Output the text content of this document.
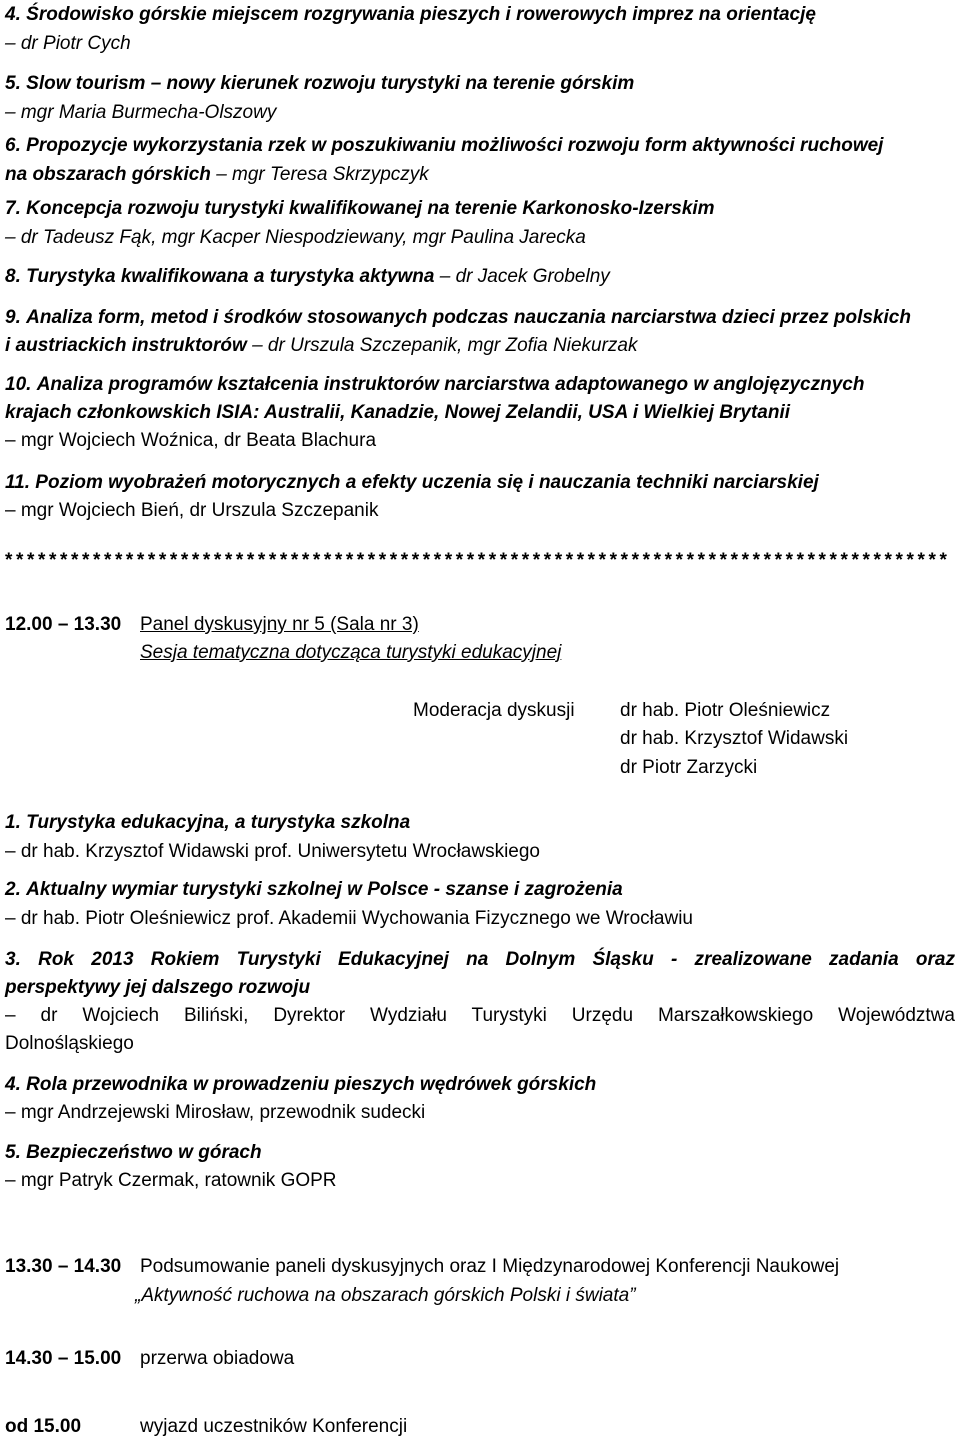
4. Środowisko górskie miejscem rozgrywania pieszych i rowerowych imprez na orientację
– dr Piotr Cych
5. Slow tourism – nowy kierunek rozwoju turystyki na terenie górskim
– mgr Maria Burmecha-Olszowy
6. Propozycje wykorzystania rzek w poszukiwaniu możliwości rozwoju form aktywności ruchowej
na obszarach górskich – mgr Teresa Skrzypczyk
7. Koncepcja rozwoju turystyki kwalifikowanej na terenie Karkonosko-Izerskim
– dr Tadeusz Fąk, mgr Kacper Niespodziewany, mgr Paulina Jarecka
8. Turystyka kwalifikowana a turystyka aktywna – dr Jacek Grobelny
9. Analiza form, metod i środków stosowanych podczas nauczania narciarstwa dzieci przez polskich
i austriackich instruktorów – dr Urszula Szczepanik, mgr Zofia Niekurzak
10. Analiza programów kształcenia instruktorów narciarstwa adaptowanego w anglojęzycznych
krajach członkowskich ISIA: Australii, Kanadzie, Nowej Zelandii, USA i Wielkiej Brytanii
– mgr Wojciech Woźnica, dr Beata Blachura
11. Poziom wyobrażeń motorycznych a efekty uczenia się i nauczania techniki narciarskiej
– mgr Wojciech Bień, dr Urszula Szczepanik
**************************************************************************************
12.00 – 13.30 Panel dyskusyjny nr 5 (Sala nr 3)
Sesja tematyczna dotycząca turystyki edukacyjnej
Moderacja dyskusji dr hab. Piotr Oleśniewicz
dr hab. Krzysztof Widawski
dr Piotr Zarzycki
1. Turystyka edukacyjna, a turystyka szkolna
– dr hab. Krzysztof Widawski prof. Uniwersytetu Wrocławskiego
2. Aktualny wymiar turystyki szkolnej w Polsce - szanse i zagrożenia
– dr hab. Piotr Oleśniewicz prof. Akademii Wychowania Fizycznego we Wrocławiu
3. Rok 2013 Rokiem Turystyki Edukacyjnej na Dolnym Śląsku - zrealizowane zadania oraz
perspektywy jej dalszego rozwoju
– dr Wojciech Biliński, Dyrektor Wydziału Turystyki Urzędu Marszałkowskiego Województwa
Dolnośląskiego
4. Rola przewodnika w prowadzeniu pieszych wędrówek górskich
– mgr Andrzejewski Mirosław, przewodnik sudecki
5. Bezpieczeństwo w górach
– mgr Patryk Czermak, ratownik GOPR
13.30 – 14.30 Podsumowanie paneli dyskusyjnych oraz I Międzynarodowej Konferencji Naukowej
„Aktywność ruchowa na obszarach górskich Polski i świata”
14.30 – 15.00 przerwa obiadowa
od 15.00	wyjazd uczestników Konferencji
